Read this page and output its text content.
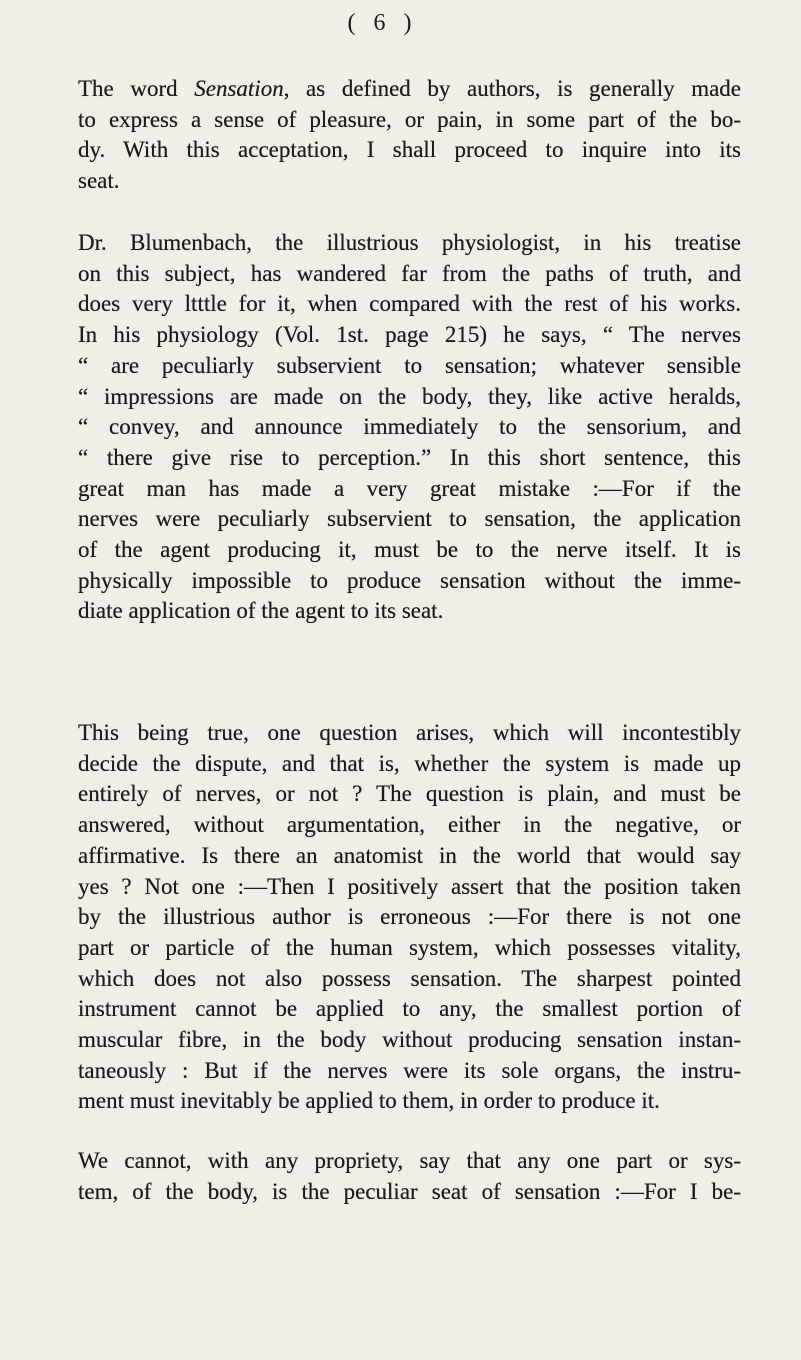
( 6 )
The word Sensation, as defined by authors, is generally made
to express a sense of pleasure, or pain, in some part of the bo-
dy. With this acceptation, I shall proceed to inquire into its
seat.
Dr. Blumenbach, the illustrious physiologist, in his treatise
on this subject, has wandered far from the paths of truth, and
does very ltttle for it, when compared with the rest of his works.
In his physiology (Vol. 1st. page 215) he says, “ The nerves
“ are peculiarly subservient to sensation; whatever sensible
“ impressions are made on the body, they, like active heralds,
“ convey, and announce immediately to the sensorium, and
“ there give rise to perception.” In this short sentence, this
great man has made a very great mistake :—For if the
nerves were peculiarly subservient to sensation, the application
of the agent producing it, must be to the nerve itself. It is
physically impossible to produce sensation without the imme-
diate application of the agent to its seat.
This being true, one question arises, which will incontestibly
decide the dispute, and that is, whether the system is made up
entirely of nerves, or not ? The question is plain, and must be
answered, without argumentation, either in the negative, or
affirmative. Is there an anatomist in the world that would say
yes ? Not one :—Then I positively assert that the position taken
by the illustrious author is erroneous :—For there is not one
part or particle of the human system, which possesses vitality,
which does not also possess sensation. The sharpest pointed
instrument cannot be applied to any, the smallest portion of
muscular fibre, in the body without producing sensation instan-
taneously : But if the nerves were its sole organs, the instru-
ment must inevitably be applied to them, in order to produce it.
We cannot, with any propriety, say that any one part or sys-
tem, of the body, is the peculiar seat of sensation :—For I be-
